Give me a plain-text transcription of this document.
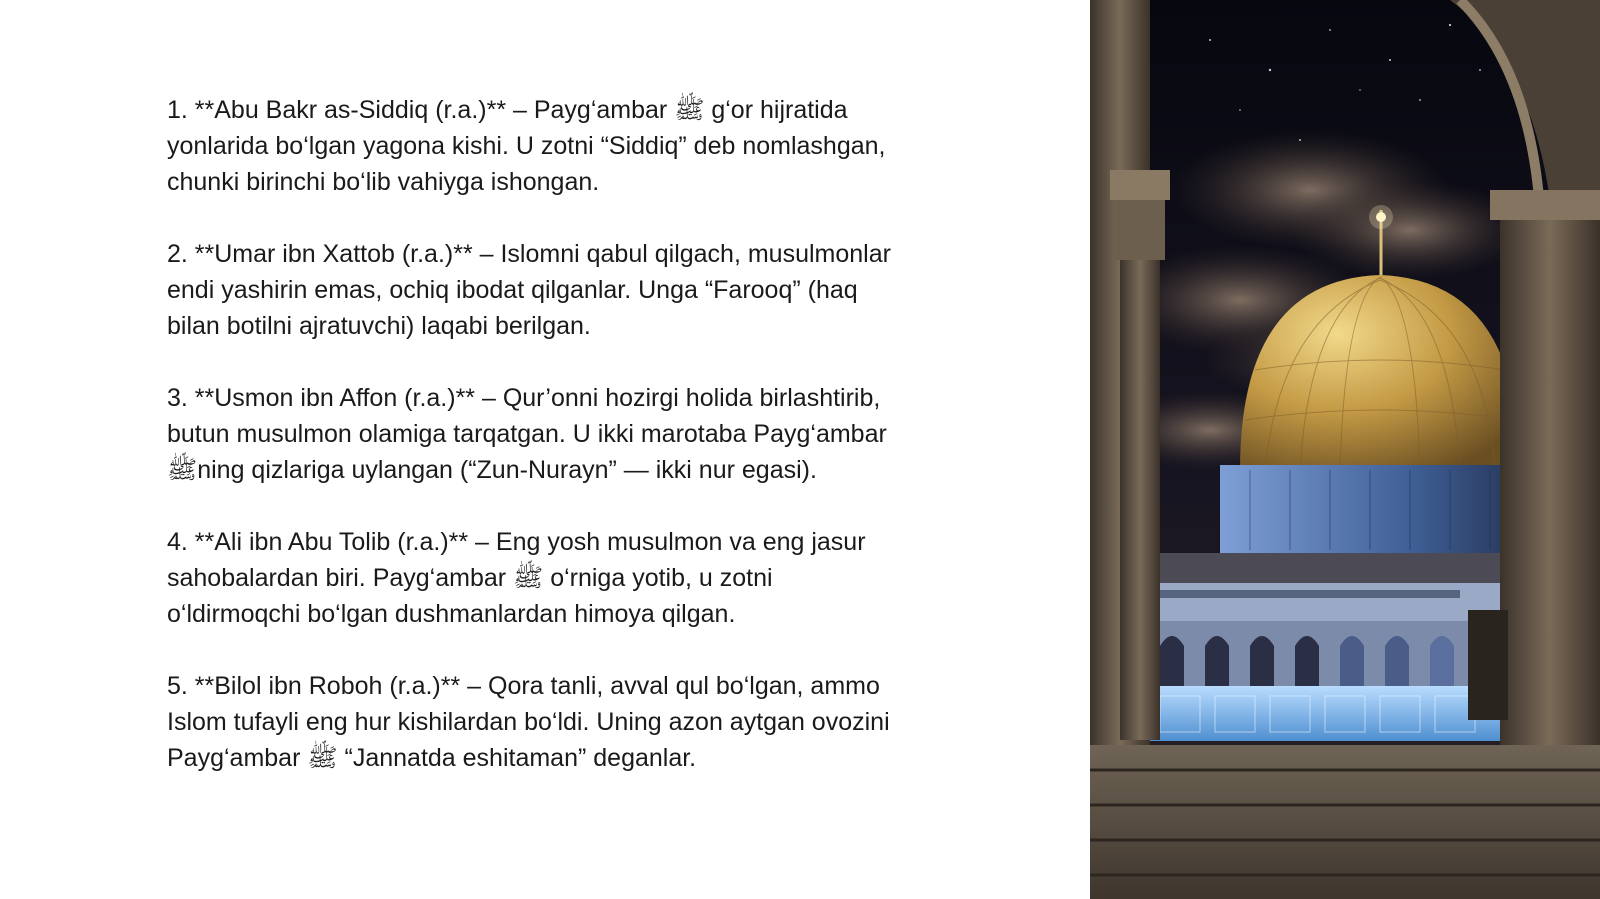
1. **Abu Bakr as-Siddiq (r.a.)** – Payg‘ambar ﷺ g‘or hijratida yonlarida bo‘lgan yagona kishi. U zotni “Siddiq” deb nomlashgan, chunki birinchi bo‘lib vahiyga ishongan.

2. **Umar ibn Xattob (r.a.)** – Islomni qabul qilgach, musulmonlar endi yashirin emas, ochiq ibodat qilganlar. Unga “Farooq” (haq bilan botilni ajratuvchi) laqabi berilgan.

3. **Usmon ibn Affon (r.a.)** – Qur’onni hozirgi holida birlashtirib, butun musulmon olamiga tarqatgan. U ikki marotaba Payg‘ambar ﷺning qizlariga uylangan (“Zun-Nurayn” — ikki nur egasi).

4. **Ali ibn Abu Tolib (r.a.)** – Eng yosh musulmon va eng jasur sahobalardan biri. Payg‘ambar ﷺ o‘rniga yotib, u zotni o‘ldirmoqchi bo‘lgan dushmanlardan himoya qilgan.

5. **Bilol ibn Roboh (r.a.)** – Qora tanli, avval qul bo‘lgan, ammo Islom tufayli eng hur kishilardan bo‘ldi. Uning azon aytgan ovozini Payg‘ambar ﷺ “Jannatda eshitaman” deganlar.
